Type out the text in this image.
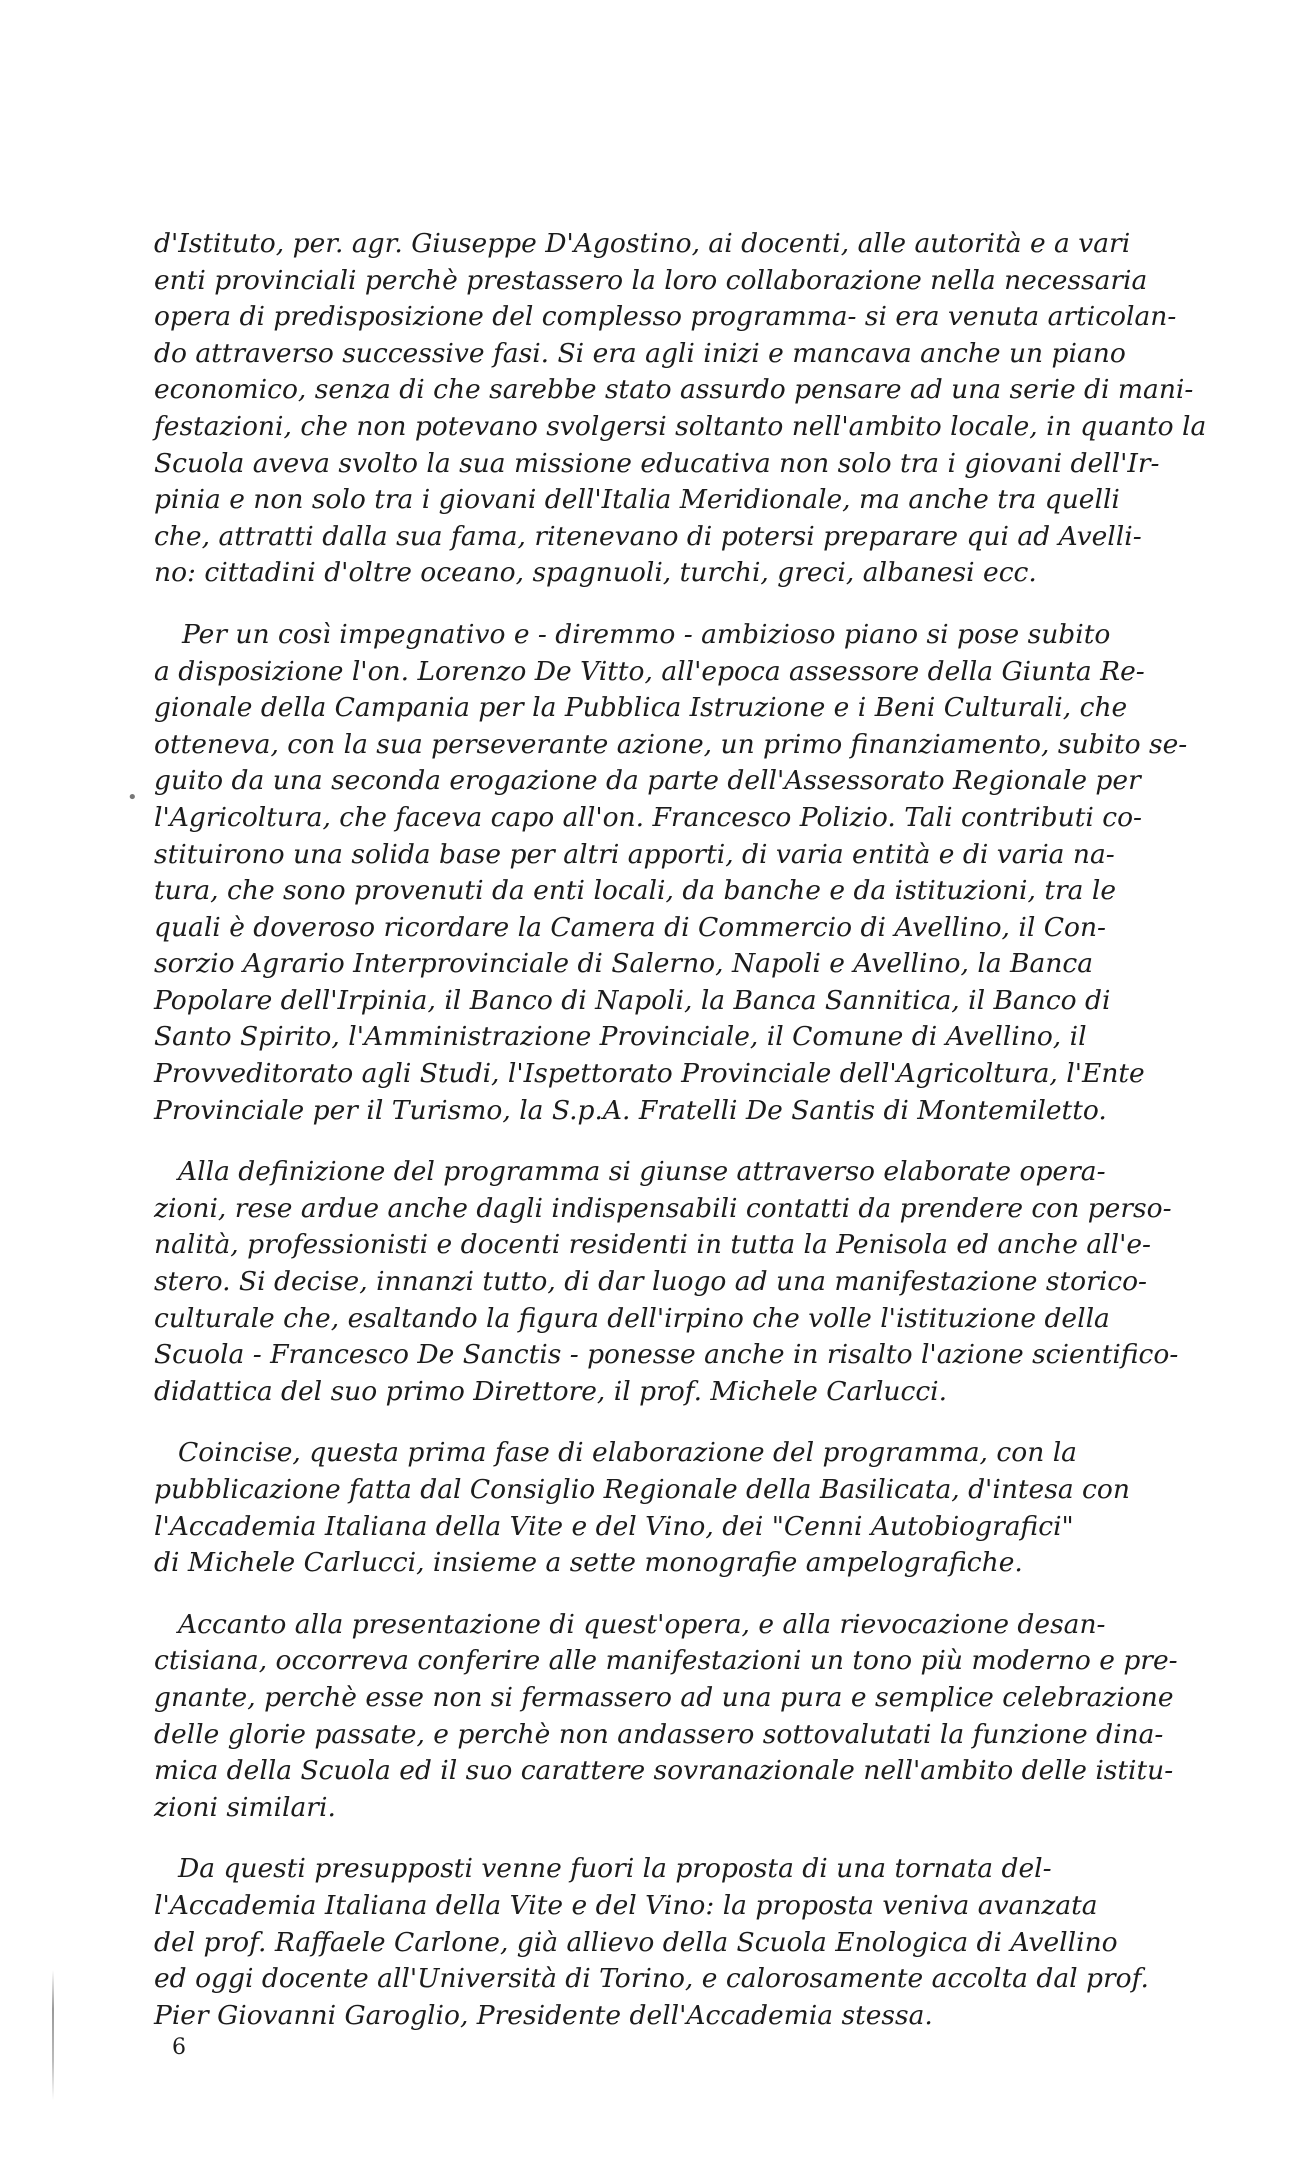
d'Istituto, per. agr. Giuseppe D'Agostino, ai docenti, alle autorità e a vari
enti provinciali perchè prestassero la loro collaborazione nella necessaria
opera di predisposizione del complesso programma- si era venuta articolan-
do attraverso successive fasi. Si era agli inizi e mancava anche un piano
economico, senza di che sarebbe stato assurdo pensare ad una serie di mani-
festazioni, che non potevano svolgersi soltanto nell'ambito locale, in quanto la
Scuola aveva svolto la sua missione educativa non solo tra i giovani dell'Ir-
pinia e non solo tra i giovani dell'Italia Meridionale, ma anche tra quelli
che, attratti dalla sua fama, ritenevano di potersi preparare qui ad Avelli-
no: cittadini d'oltre oceano, spagnuoli, turchi, greci, albanesi ecc.
Per un così impegnativo e - diremmo - ambizioso piano si pose subito
a disposizione l'on. Lorenzo De Vitto, all'epoca assessore della Giunta Re-
gionale della Campania per la Pubblica Istruzione e i Beni Culturali, che
otteneva, con la sua perseverante azione, un primo finanziamento, subito se-
guito da una seconda erogazione da parte dell'Assessorato Regionale per
l'Agricoltura, che faceva capo all'on. Francesco Polizio. Tali contributi co-
stituirono una solida base per altri apporti, di varia entità e di varia na-
tura, che sono provenuti da enti locali, da banche e da istituzioni, tra le
quali è doveroso ricordare la Camera di Commercio di Avellino, il Con-
sorzio Agrario Interprovinciale di Salerno, Napoli e Avellino, la Banca
Popolare dell'Irpinia, il Banco di Napoli, la Banca Sannitica, il Banco di
Santo Spirito, l'Amministrazione Provinciale, il Comune di Avellino, il
Provveditorato agli Studi, l'Ispettorato Provinciale dell'Agricoltura, l'Ente
Provinciale per il Turismo, la S.p.A. Fratelli De Santis di Montemiletto.
Alla definizione del programma si giunse attraverso elaborate opera-
zioni, rese ardue anche dagli indispensabili contatti da prendere con perso-
nalità, professionisti e docenti residenti in tutta la Penisola ed anche all'e-
stero. Si decise, innanzi tutto, di dar luogo ad una manifestazione storico-
culturale che, esaltando la figura dell'irpino che volle l'istituzione della
Scuola - Francesco De Sanctis - ponesse anche in risalto l'azione scientifico-
didattica del suo primo Direttore, il prof. Michele Carlucci.
Coincise, questa prima fase di elaborazione del programma, con la
pubblicazione fatta dal Consiglio Regionale della Basilicata, d'intesa con
l'Accademia Italiana della Vite e del Vino, dei "Cenni Autobiografici"
di Michele Carlucci, insieme a sette monografie ampelografiche.
Accanto alla presentazione di quest'opera, e alla rievocazione desan-
ctisiana, occorreva conferire alle manifestazioni un tono più moderno e pre-
gnante, perchè esse non si fermassero ad una pura e semplice celebrazione
delle glorie passate, e perchè non andassero sottovalutati la funzione dina-
mica della Scuola ed il suo carattere sovranazionale nell'ambito delle istitu-
zioni similari.
Da questi presupposti venne fuori la proposta di una tornata del-
l'Accademia Italiana della Vite e del Vino: la proposta veniva avanzata
del prof. Raffaele Carlone, già allievo della Scuola Enologica di Avellino
ed oggi docente all'Università di Torino, e calorosamente accolta dal prof.
Pier Giovanni Garoglio, Presidente dell'Accademia stessa.
•
6
